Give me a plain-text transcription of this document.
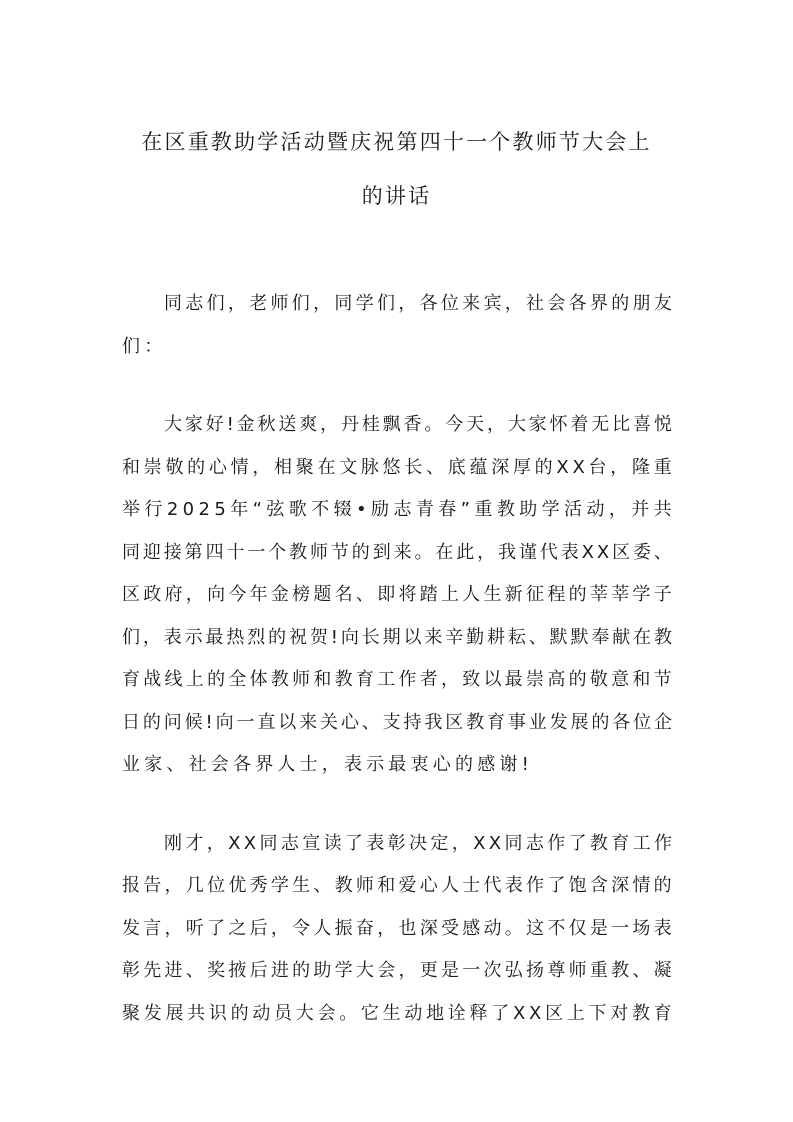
在区重教助学活动暨庆祝第四十一个教师节大会上
的讲话
同 志 们 ， 老 师 们 ， 同 学 们 ， 各 位 来 宾 ， 社 会 各 界 的 朋 友
们：
大 家 好 ! 金 秋 送 爽 ， 丹 桂 飘 香 。 今 天 ， 大 家 怀 着 无 比 喜 悦
和 崇 敬 的 心 情 ， 相 聚 在 文 脉 悠 长 、 底 蕴 深 厚 的 X X 台 ， 隆 重
举 行 2 0 2 5 年 “ 弦 歌 不 辍 • 励 志 青 春 ” 重 教 助 学 活 动 ， 并 共
同 迎 接 第 四 十 一 个 教 师 节 的 到 来 。 在 此 ， 我 谨 代 表 X X 区 委 、
区 政 府 ， 向 今 年 金 榜 题 名 、 即 将 踏 上 人 生 新 征 程 的 莘 莘 学 子
们 ， 表 示 最 热 烈 的 祝 贺 ! 向 长 期 以 来 辛 勤 耕 耘 、 默 默 奉 献 在 教
育 战 线 上 的 全 体 教 师 和 教 育 工 作 者 ， 致 以 最 崇 高 的 敬 意 和 节
日 的 问 候 ! 向 一 直 以 来 关 心 、 支 持 我 区 教 育 事 业 发 展 的 各 位 企
业家、社会各界人士，表示最衷心的感谢!
刚 才 ， X X 同 志 宣 读 了 表 彰 决 定 ， X X 同 志 作 了 教 育 工 作
报 告 ， 几 位 优 秀 学 生 、 教 师 和 爱 心 人 士 代 表 作 了 饱 含 深 情 的
发 言 ， 听 了 之 后 ， 令 人 振 奋 ， 也 深 受 感 动 。 这 不 仅 是 一 场 表
彰 先 进 、 奖 掖 后 进 的 助 学 大 会 ， 更 是 一 次 弘 扬 尊 师 重 教 、 凝
聚 发 展 共 识 的 动 员 大 会 。 它 生 动 地 诠 释 了 X X 区 上 下 对 教 育
